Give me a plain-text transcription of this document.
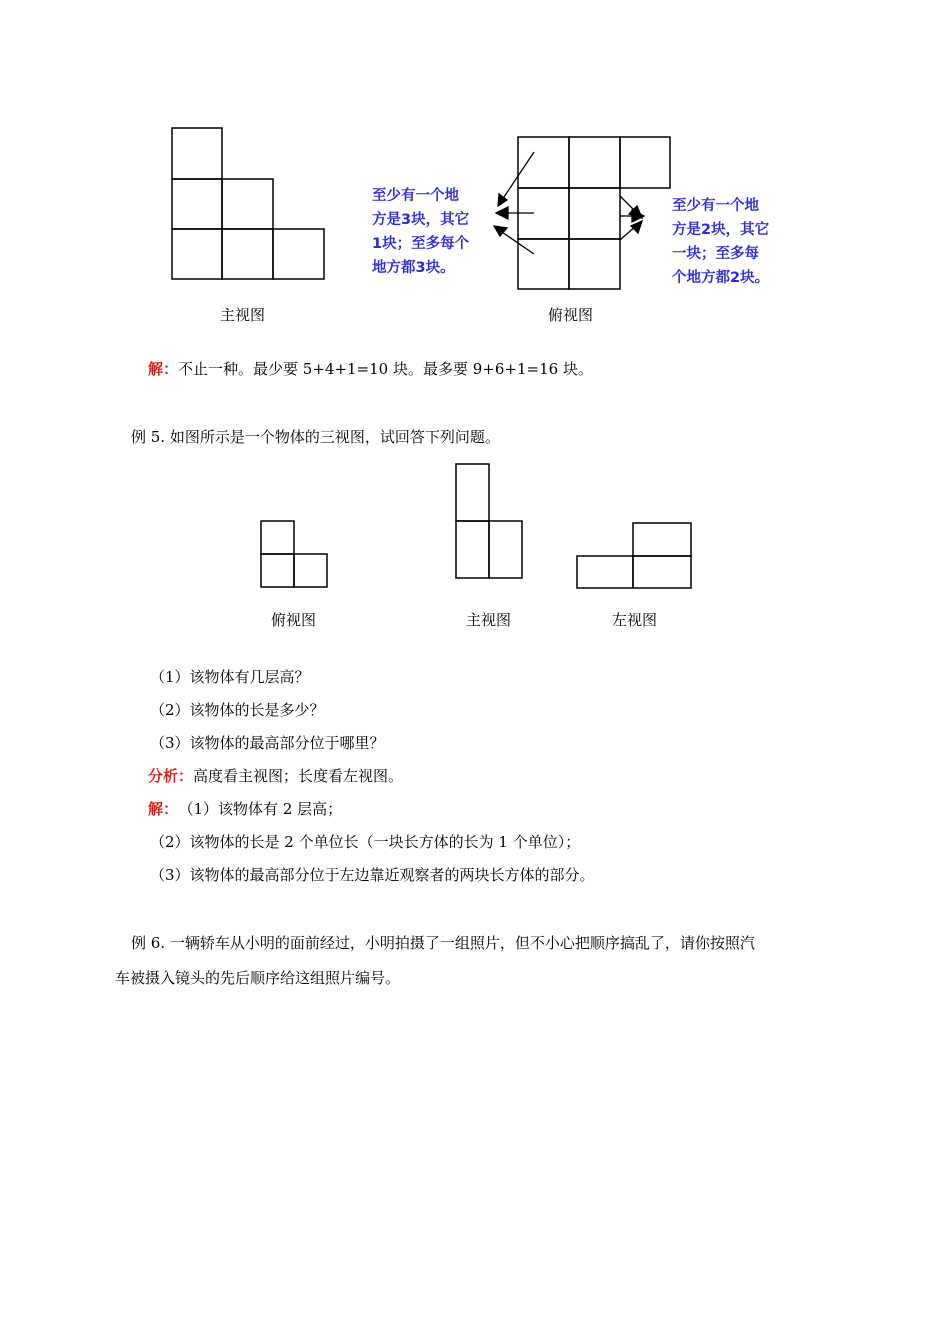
主视图	俯视图
至少有一个地
方是3块，其它
1块；至多每个
地方都3块。
至少有一个地
方是2块，其它
一块；至多每
个地方都2块。
解：不止一种。最少要 5+4+1=10 块。最多要 9+6+1=16 块。
例 5. 如图所示是一个物体的三视图，试回答下列问题。
俯视图	主视图	左视图
（1）该物体有几层高？
（2）该物体的长是多少？
（3）该物体的最高部分位于哪里？
分析：高度看主视图；长度看左视图。
解： （1）该物体有 2 层高；
（2）该物体的长是 2 个单位长（一块长方体的长为 1 个单位）；
（3）该物体的最高部分位于左边靠近观察者的两块长方体的部分。
例 6. 一辆轿车从小明的面前经过，小明拍摄了一组照片，但不小心把顺序搞乱了，请你按照汽
车被摄入镜头的先后顺序给这组照片编号。
